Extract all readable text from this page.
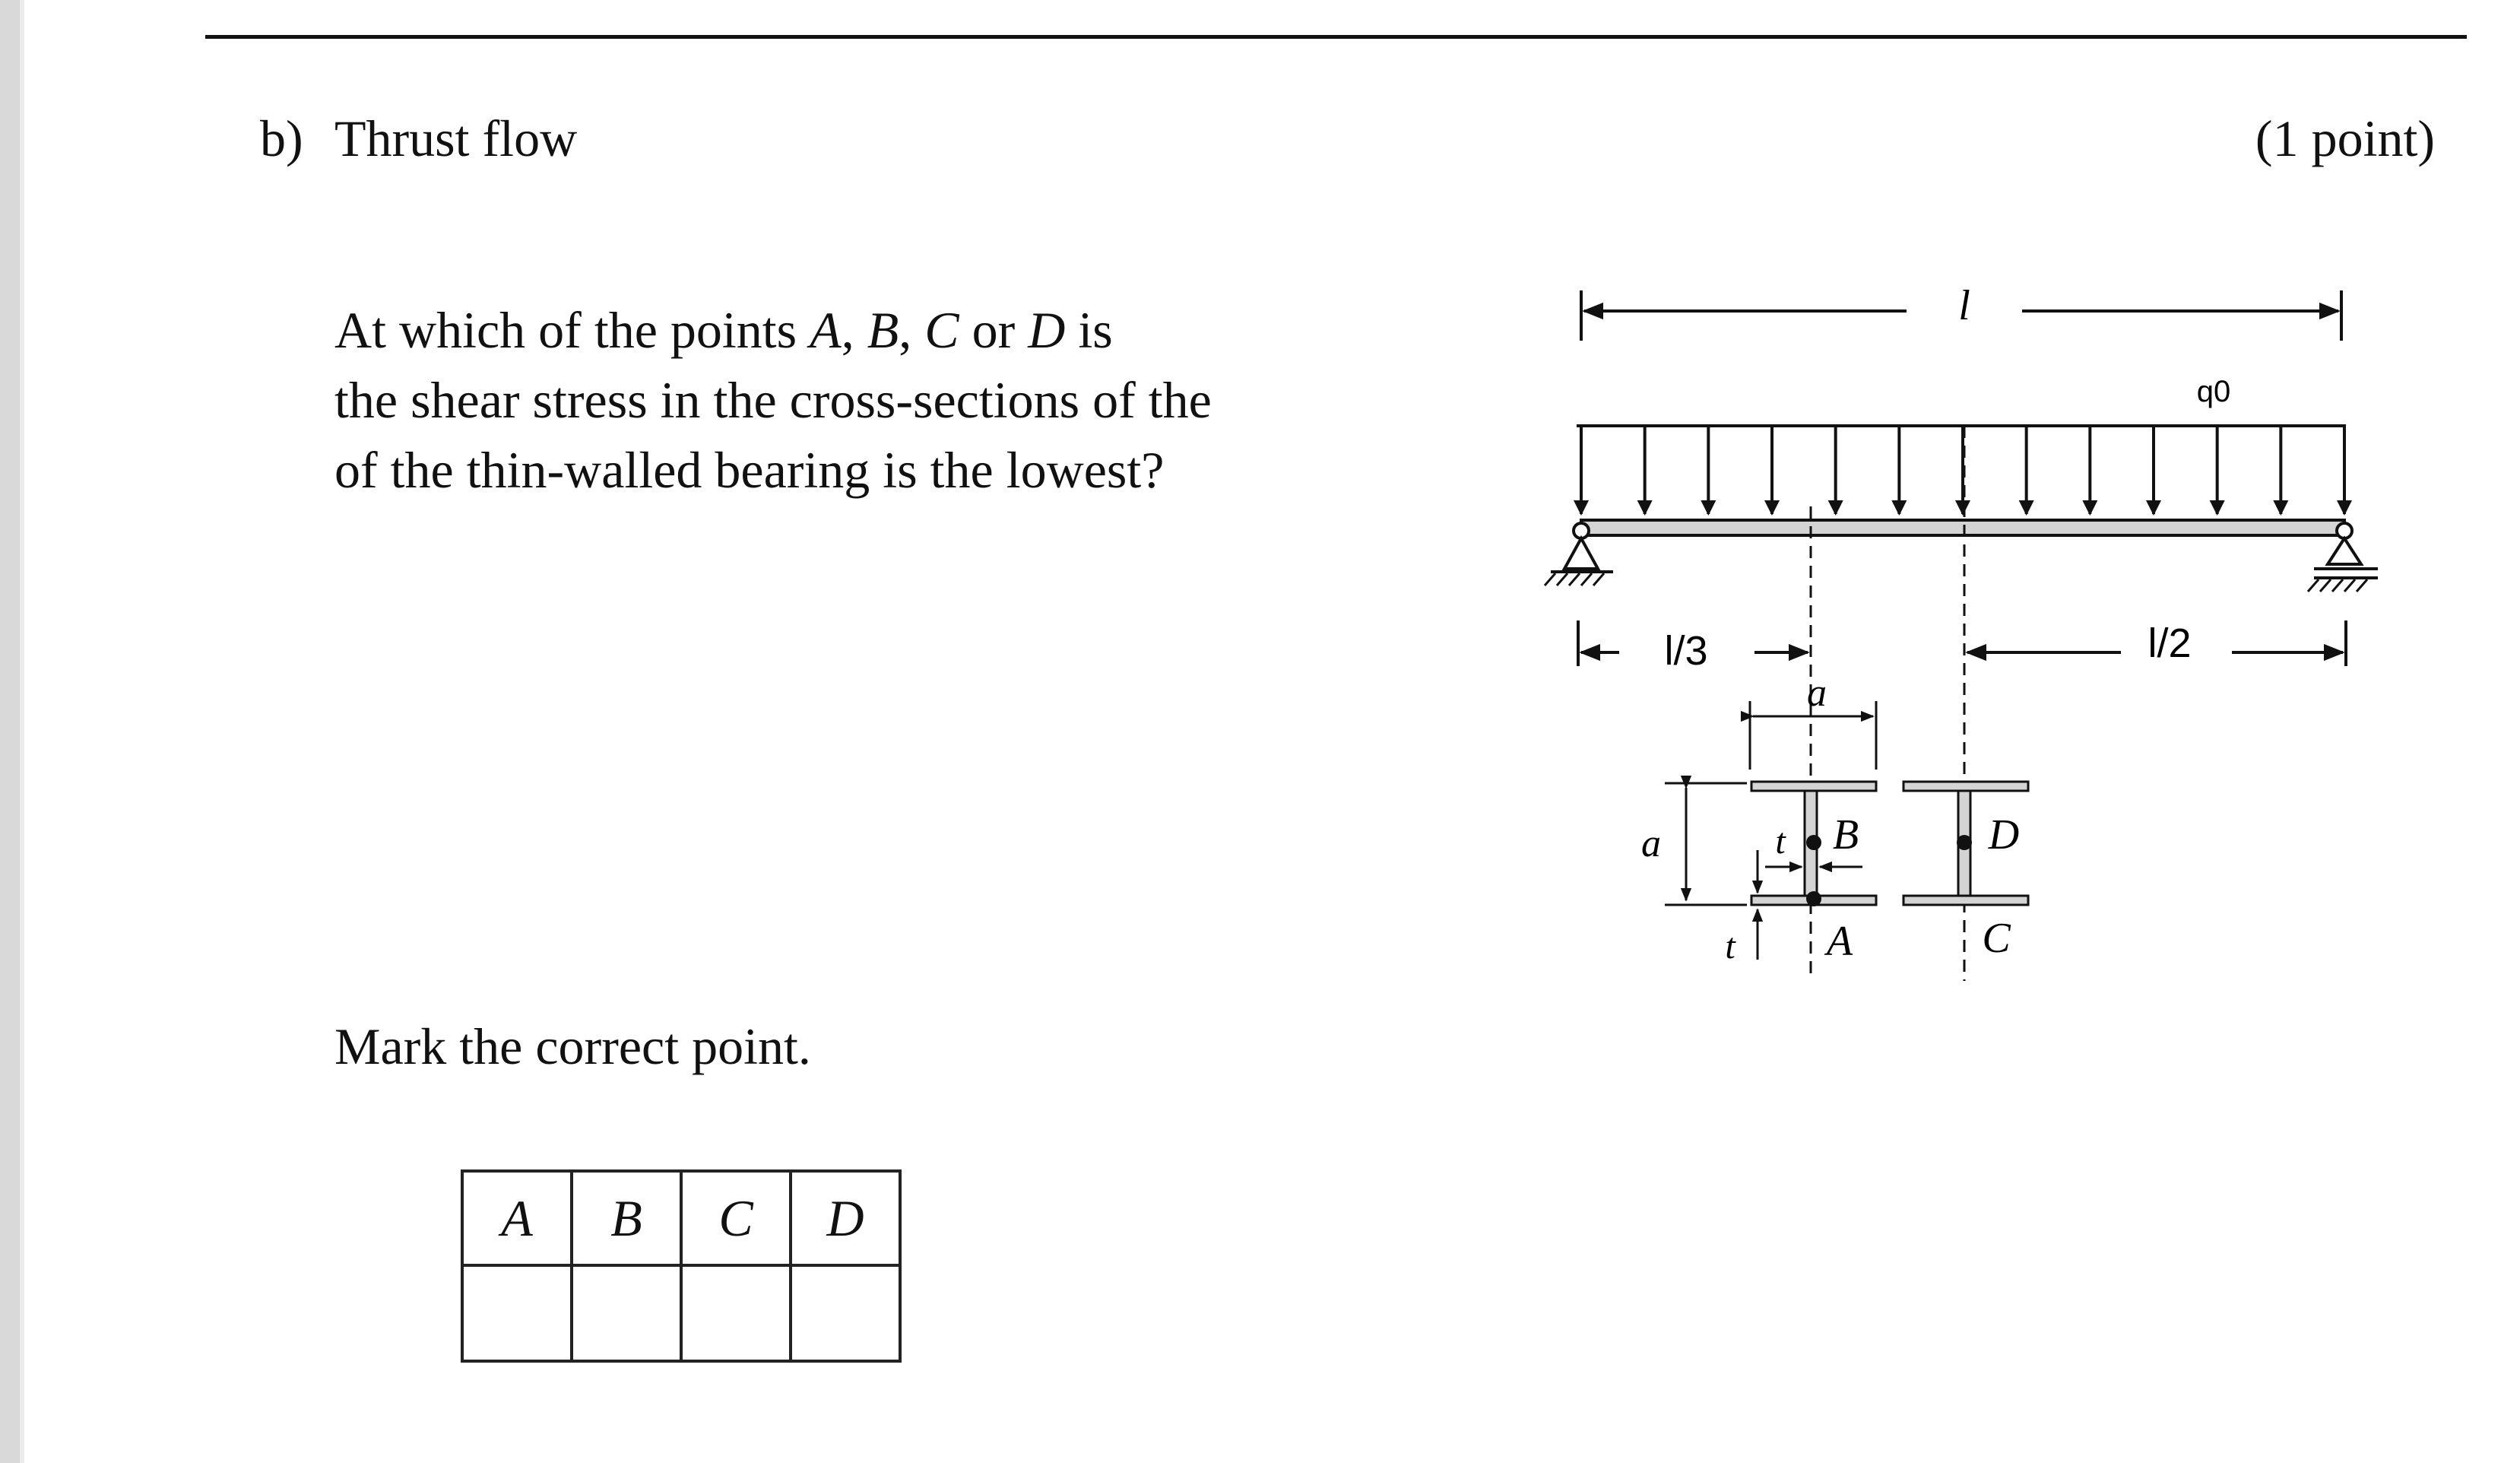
b) Thrust flow	(1 point)

At which of the points A, B, C or D is

the shear stress in the cross-sections of the

of the thin-walled bearing is the lowest?

Mark the correct point.
A	B	C	D

l
q0
l/3	l/2
a
a	t
t
B
A
D
C
